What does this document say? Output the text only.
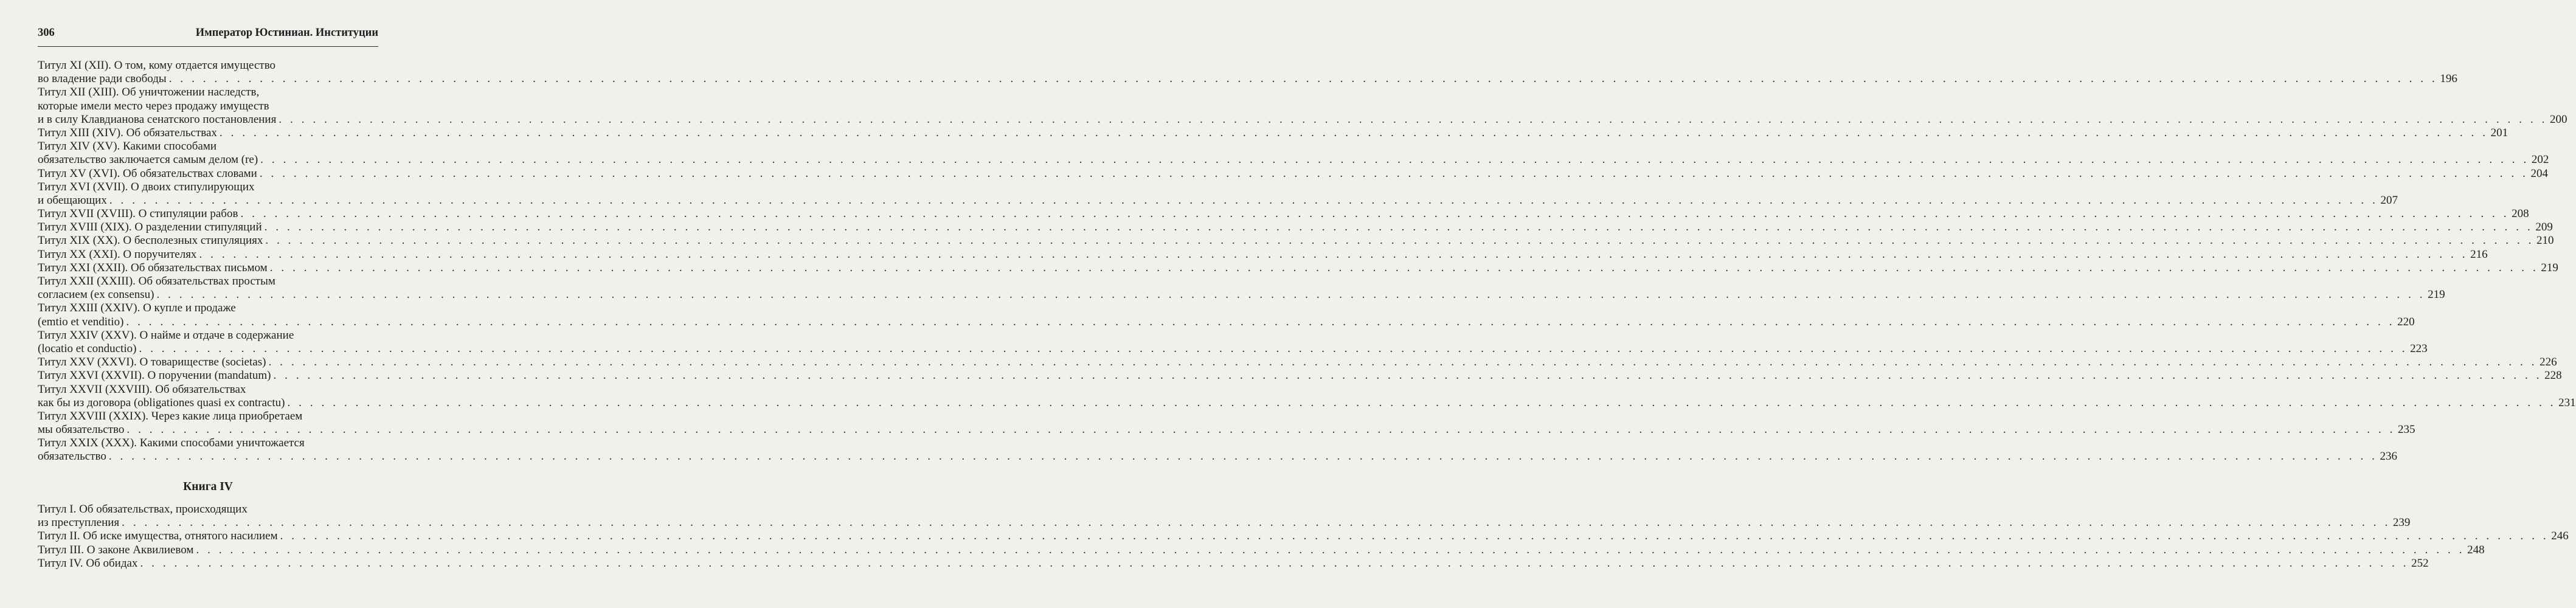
306	Император Юстиниан. Институции
Титул XI (XII). О том, кому отдается имущество
во владение ради свободы . . . . . . . . . . . . . . . . . . . . . . . . . . . . . . . . . . . . . . . . . . . . . . . . . . . . . . . . . . . . . . . . . . . . . . . . . . . . . . . . . . . . . . . . . . . . . . . . . . . . . . . . . . . . . . . . . . . . . . . . . . . . . . . . . . . . . . . . . . . . . . . . . . . . . . . . . . . . . . . . . . . . . . . . . . . . . . . . . . . . . . . . . . . . . . . . . . . . . . . . 196
Титул XII (XIII). Об уничтожении наследств,
которые имели место через продажу имуществ
и в силу Клавдианова сенатского постановления . . . . . . . . . . . . . . . . . . . . . . . . . . . . . . . . . . . . . . . . . . . . . . . . . . . . . . . . . . . . . . . . . . . . . . . . . . . . . . . . . . . . . . . . . . . . . . . . . . . . . . . . . . . . . . . . . . . . . . . . . . . . . . . . . . . . . . . . . . . . . . . . . . . . . . . . . . . . . . . . . . . . . . . . . . . . . . . . . . . . . . . . . . . . . . . . . . . . . . . . 200
Титул XIII (XIV). Об обязательствах . . . . . . . . . . . . . . . . . . . . . . . . . . . . . . . . . . . . . . . . . . . . . . . . . . . . . . . . . . . . . . . . . . . . . . . . . . . . . . . . . . . . . . . . . . . . . . . . . . . . . . . . . . . . . . . . . . . . . . . . . . . . . . . . . . . . . . . . . . . . . . . . . . . . . . . . . . . . . . . . . . . . . . . . . . . . . . . . . . . . . . . . . . . . . . . . . . . . . . . . 201
Титул XIV (XV). Какими способами
обязательство заключается самым делом (re) . . . . . . . . . . . . . . . . . . . . . . . . . . . . . . . . . . . . . . . . . . . . . . . . . . . . . . . . . . . . . . . . . . . . . . . . . . . . . . . . . . . . . . . . . . . . . . . . . . . . . . . . . . . . . . . . . . . . . . . . . . . . . . . . . . . . . . . . . . . . . . . . . . . . . . . . . . . . . . . . . . . . . . . . . . . . . . . . . . . . . . . . . . . . . . . . . . . . . . . . 202
Титул XV (XVI). Об обязательствах словами . . . . . . . . . . . . . . . . . . . . . . . . . . . . . . . . . . . . . . . . . . . . . . . . . . . . . . . . . . . . . . . . . . . . . . . . . . . . . . . . . . . . . . . . . . . . . . . . . . . . . . . . . . . . . . . . . . . . . . . . . . . . . . . . . . . . . . . . . . . . . . . . . . . . . . . . . . . . . . . . . . . . . . . . . . . . . . . . . . . . . . . . . . . . . . . . . . . . . . . . 204
Титул XVI (XVII). О двоих стипулирующих
и обещающих . . . . . . . . . . . . . . . . . . . . . . . . . . . . . . . . . . . . . . . . . . . . . . . . . . . . . . . . . . . . . . . . . . . . . . . . . . . . . . . . . . . . . . . . . . . . . . . . . . . . . . . . . . . . . . . . . . . . . . . . . . . . . . . . . . . . . . . . . . . . . . . . . . . . . . . . . . . . . . . . . . . . . . . . . . . . . . . . . . . . . . . . . . . . . . . . . . . . . . . . 207
Титул XVII (XVIII). О стипуляции рабов . . . . . . . . . . . . . . . . . . . . . . . . . . . . . . . . . . . . . . . . . . . . . . . . . . . . . . . . . . . . . . . . . . . . . . . . . . . . . . . . . . . . . . . . . . . . . . . . . . . . . . . . . . . . . . . . . . . . . . . . . . . . . . . . . . . . . . . . . . . . . . . . . . . . . . . . . . . . . . . . . . . . . . . . . . . . . . . . . . . . . . . . . . . . . . . . . . . . . . . . 208
Титул XVIII (XIX). О разделении стипуляций . . . . . . . . . . . . . . . . . . . . . . . . . . . . . . . . . . . . . . . . . . . . . . . . . . . . . . . . . . . . . . . . . . . . . . . . . . . . . . . . . . . . . . . . . . . . . . . . . . . . . . . . . . . . . . . . . . . . . . . . . . . . . . . . . . . . . . . . . . . . . . . . . . . . . . . . . . . . . . . . . . . . . . . . . . . . . . . . . . . . . . . . . . . . . . . . . . . . . . . . 209
Титул XIX (XX). О бесполезных стипуляциях . . . . . . . . . . . . . . . . . . . . . . . . . . . . . . . . . . . . . . . . . . . . . . . . . . . . . . . . . . . . . . . . . . . . . . . . . . . . . . . . . . . . . . . . . . . . . . . . . . . . . . . . . . . . . . . . . . . . . . . . . . . . . . . . . . . . . . . . . . . . . . . . . . . . . . . . . . . . . . . . . . . . . . . . . . . . . . . . . . . . . . . . . . . . . . . . . . . . . . . . 210
Титул XX (XXI). О поручителях . . . . . . . . . . . . . . . . . . . . . . . . . . . . . . . . . . . . . . . . . . . . . . . . . . . . . . . . . . . . . . . . . . . . . . . . . . . . . . . . . . . . . . . . . . . . . . . . . . . . . . . . . . . . . . . . . . . . . . . . . . . . . . . . . . . . . . . . . . . . . . . . . . . . . . . . . . . . . . . . . . . . . . . . . . . . . . . . . . . . . . . . . . . . . . . . . . . . . . . . 216
Титул XXI (XXII). Об обязательствах письмом . . . . . . . . . . . . . . . . . . . . . . . . . . . . . . . . . . . . . . . . . . . . . . . . . . . . . . . . . . . . . . . . . . . . . . . . . . . . . . . . . . . . . . . . . . . . . . . . . . . . . . . . . . . . . . . . . . . . . . . . . . . . . . . . . . . . . . . . . . . . . . . . . . . . . . . . . . . . . . . . . . . . . . . . . . . . . . . . . . . . . . . . . . . . . . . . . . . . . . . . 219
Титул XXII (XXIII). Об обязательствах простым
согласием (ex consensu) . . . . . . . . . . . . . . . . . . . . . . . . . . . . . . . . . . . . . . . . . . . . . . . . . . . . . . . . . . . . . . . . . . . . . . . . . . . . . . . . . . . . . . . . . . . . . . . . . . . . . . . . . . . . . . . . . . . . . . . . . . . . . . . . . . . . . . . . . . . . . . . . . . . . . . . . . . . . . . . . . . . . . . . . . . . . . . . . . . . . . . . . . . . . . . . . . . . . . . . . 219
Титул XXIII (XXIV). О купле и продаже
(emtio et venditio) . . . . . . . . . . . . . . . . . . . . . . . . . . . . . . . . . . . . . . . . . . . . . . . . . . . . . . . . . . . . . . . . . . . . . . . . . . . . . . . . . . . . . . . . . . . . . . . . . . . . . . . . . . . . . . . . . . . . . . . . . . . . . . . . . . . . . . . . . . . . . . . . . . . . . . . . . . . . . . . . . . . . . . . . . . . . . . . . . . . . . . . . . . . . . . . . . . . . . . . . 220
Титул XXIV (XXV). О найме и отдаче в содержание
(locatio et conductio) . . . . . . . . . . . . . . . . . . . . . . . . . . . . . . . . . . . . . . . . . . . . . . . . . . . . . . . . . . . . . . . . . . . . . . . . . . . . . . . . . . . . . . . . . . . . . . . . . . . . . . . . . . . . . . . . . . . . . . . . . . . . . . . . . . . . . . . . . . . . . . . . . . . . . . . . . . . . . . . . . . . . . . . . . . . . . . . . . . . . . . . . . . . . . . . . . . . . . . . . 223
Титул XXV (XXVI). О товариществе (societas) . . . . . . . . . . . . . . . . . . . . . . . . . . . . . . . . . . . . . . . . . . . . . . . . . . . . . . . . . . . . . . . . . . . . . . . . . . . . . . . . . . . . . . . . . . . . . . . . . . . . . . . . . . . . . . . . . . . . . . . . . . . . . . . . . . . . . . . . . . . . . . . . . . . . . . . . . . . . . . . . . . . . . . . . . . . . . . . . . . . . . . . . . . . . . . . . . . . . . . . . 226
Титул XXVI (XXVII). О поручении (mandatum) . . . . . . . . . . . . . . . . . . . . . . . . . . . . . . . . . . . . . . . . . . . . . . . . . . . . . . . . . . . . . . . . . . . . . . . . . . . . . . . . . . . . . . . . . . . . . . . . . . . . . . . . . . . . . . . . . . . . . . . . . . . . . . . . . . . . . . . . . . . . . . . . . . . . . . . . . . . . . . . . . . . . . . . . . . . . . . . . . . . . . . . . . . . . . . . . . . . . . . . . 228
Титул XXVII (XXVIII). Об обязательствах
как бы из договора (obligationes quasi ex contractu) . . . . . . . . . . . . . . . . . . . . . . . . . . . . . . . . . . . . . . . . . . . . . . . . . . . . . . . . . . . . . . . . . . . . . . . . . . . . . . . . . . . . . . . . . . . . . . . . . . . . . . . . . . . . . . . . . . . . . . . . . . . . . . . . . . . . . . . . . . . . . . . . . . . . . . . . . . . . . . . . . . . . . . . . . . . . . . . . . . . . . . . . . . . . . . . . . . . . . . . . 231
Титул XXVIII (XXIX). Через какие лица приобретаем
мы обязательство . . . . . . . . . . . . . . . . . . . . . . . . . . . . . . . . . . . . . . . . . . . . . . . . . . . . . . . . . . . . . . . . . . . . . . . . . . . . . . . . . . . . . . . . . . . . . . . . . . . . . . . . . . . . . . . . . . . . . . . . . . . . . . . . . . . . . . . . . . . . . . . . . . . . . . . . . . . . . . . . . . . . . . . . . . . . . . . . . . . . . . . . . . . . . . . . . . . . . . . . 235
Титул XXIX (XXX). Какими способами уничтожается
обязательство . . . . . . . . . . . . . . . . . . . . . . . . . . . . . . . . . . . . . . . . . . . . . . . . . . . . . . . . . . . . . . . . . . . . . . . . . . . . . . . . . . . . . . . . . . . . . . . . . . . . . . . . . . . . . . . . . . . . . . . . . . . . . . . . . . . . . . . . . . . . . . . . . . . . . . . . . . . . . . . . . . . . . . . . . . . . . . . . . . . . . . . . . . . . . . . . . . . . . . . . 236
Книга IV
Титул I. Об обязательствах, происходящих
из преступления . . . . . . . . . . . . . . . . . . . . . . . . . . . . . . . . . . . . . . . . . . . . . . . . . . . . . . . . . . . . . . . . . . . . . . . . . . . . . . . . . . . . . . . . . . . . . . . . . . . . . . . . . . . . . . . . . . . . . . . . . . . . . . . . . . . . . . . . . . . . . . . . . . . . . . . . . . . . . . . . . . . . . . . . . . . . . . . . . . . . . . . . . . . . . . . . . . . . . . . . 239
Титул II. Об иске имущества, отнятого насилием . . . . . . . . . . . . . . . . . . . . . . . . . . . . . . . . . . . . . . . . . . . . . . . . . . . . . . . . . . . . . . . . . . . . . . . . . . . . . . . . . . . . . . . . . . . . . . . . . . . . . . . . . . . . . . . . . . . . . . . . . . . . . . . . . . . . . . . . . . . . . . . . . . . . . . . . . . . . . . . . . . . . . . . . . . . . . . . . . . . . . . . . . . . . . . . . . . . . . . . . 246
Титул III. О законе Аквилиевом . . . . . . . . . . . . . . . . . . . . . . . . . . . . . . . . . . . . . . . . . . . . . . . . . . . . . . . . . . . . . . . . . . . . . . . . . . . . . . . . . . . . . . . . . . . . . . . . . . . . . . . . . . . . . . . . . . . . . . . . . . . . . . . . . . . . . . . . . . . . . . . . . . . . . . . . . . . . . . . . . . . . . . . . . . . . . . . . . . . . . . . . . . . . . . . . . . . . . . . . 248
Титул IV. Об обидах . . . . . . . . . . . . . . . . . . . . . . . . . . . . . . . . . . . . . . . . . . . . . . . . . . . . . . . . . . . . . . . . . . . . . . . . . . . . . . . . . . . . . . . . . . . . . . . . . . . . . . . . . . . . . . . . . . . . . . . . . . . . . . . . . . . . . . . . . . . . . . . . . . . . . . . . . . . . . . . . . . . . . . . . . . . . . . . . . . . . . . . . . . . . . . . . . . . . . . . . 252
